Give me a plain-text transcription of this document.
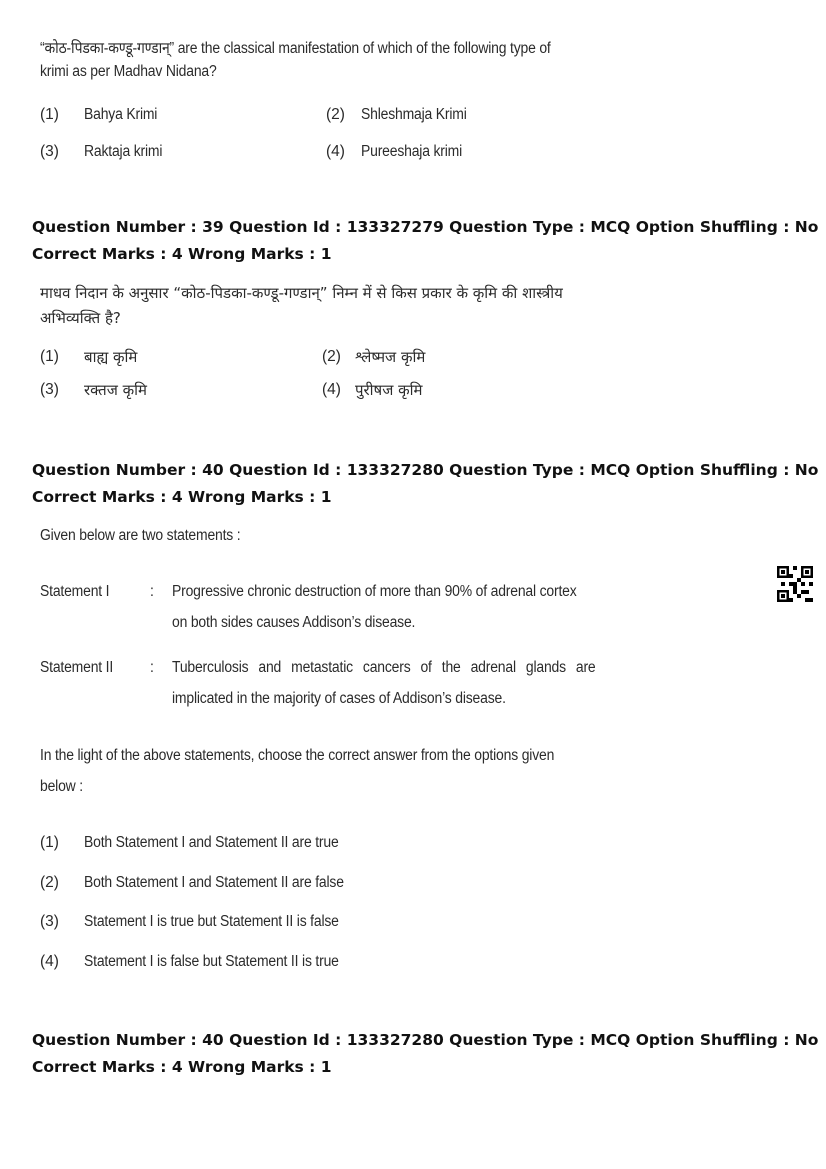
“कोठ-पिडका-कण्डू-गण्डान्” are the classical manifestation of which of the following type of
krimi as per Madhav Nidana?
(1) Bahya Krimi	(2) Shleshmaja Krimi
(3) Raktaja krimi	(4) Pureeshaja krimi
Question Number : 39 Question Id : 133327279 Question Type : MCQ Option Shuffling : No
Correct Marks : 4 Wrong Marks : 1
माधव निदान के अनुसार “कोठ-पिडका-कण्डू-गण्डान्” निम्न में से किस प्रकार के कृमि की शास्त्रीय
अभिव्यक्ति है?
(1) बाह्य कृमि	(2) श्लेष्मज कृमि
(3) रक्तज कृमि	(4) पुरीषज कृमि
Question Number : 40 Question Id : 133327280 Question Type : MCQ Option Shuffling : No
Correct Marks : 4 Wrong Marks : 1
Given below are two statements :
Statement I	: Progressive chronic destruction of more than 90% of adrenal cortex
on both sides causes Addison’s disease.
Statement II : Tuberculosis and metastatic cancers of the adrenal glands are
implicated in the majority of cases of Addison’s disease.
In the light of the above statements, choose the correct answer from the options given
below :
(1) Both Statement I and Statement II are true
(2) Both Statement I and Statement II are false
(3) Statement I is true but Statement II is false
(4) Statement I is false but Statement II is true
Question Number : 40 Question Id : 133327280 Question Type : MCQ Option Shuffling : No
Correct Marks : 4 Wrong Marks : 1
